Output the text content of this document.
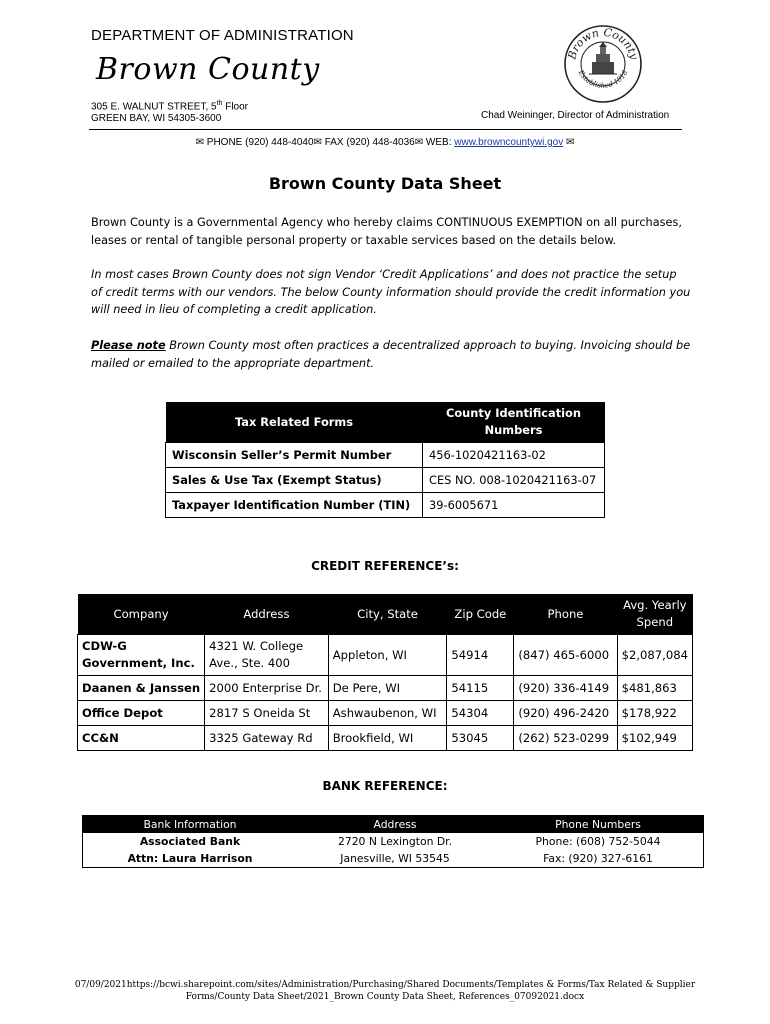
DEPARTMENT OF ADMINISTRATION
Brown County
305 E. WALNUT STREET, 5th Floor
GREEN BAY, WI 54305-3600	Chad Weininger, Director of Administration
Brown County
Established 1818
✉ PHONE (920) 448-4040✉ FAX (920) 448-4036✉ WEB: www.browncountywi.gov ✉
Brown County Data Sheet
Brown County is a Governmental Agency who hereby claims CONTINUOUS EXEMPTION on all purchases, leases or rental of tangible personal property or taxable services based on the details below.
In most cases Brown County does not sign Vendor ‘Credit Applications’ and does not practice the setup of credit terms with our vendors. The below County information should provide the credit information you will need in lieu of completing a credit application.
Please note Brown County most often practices a decentralized approach to buying. Invoicing should be mailed or emailed to the appropriate department.
Tax Related Forms	County Identification Numbers
Wisconsin Seller’s Permit Number	456-1020421163-02
Sales & Use Tax (Exempt Status)	CES NO. 008-1020421163-07
Taxpayer Identification Number (TIN)	39-6005671
CREDIT REFERENCE’s:
Company	Address	City, State	Zip Code	Phone	Avg. Yearly Spend
CDW-G Government, Inc.	4321 W. College Ave., Ste. 400	Appleton, WI	54914	(847) 465-6000	$2,087,084
Daanen & Janssen	2000 Enterprise Dr.	De Pere, WI	54115	(920) 336-4149	$481,863
Office Depot	2817 S Oneida St	Ashwaubenon, WI	54304	(920) 496-2420	$178,922
CC&N	3325 Gateway Rd	Brookfield, WI	53045	(262) 523-0299	$102,949
BANK REFERENCE:
Bank Information	Address	Phone Numbers
Associated Bank	2720 N Lexington Dr.	Phone: (608) 752-5044
Attn: Laura Harrison	Janesville, WI 53545	Fax: (920) 327-6161
07/09/2021https://bcwi.sharepoint.com/sites/Administration/Purchasing/Shared Documents/Templates & Forms/Tax Related & Supplier
Forms/County Data Sheet/2021_Brown County Data Sheet, References_07092021.docx
